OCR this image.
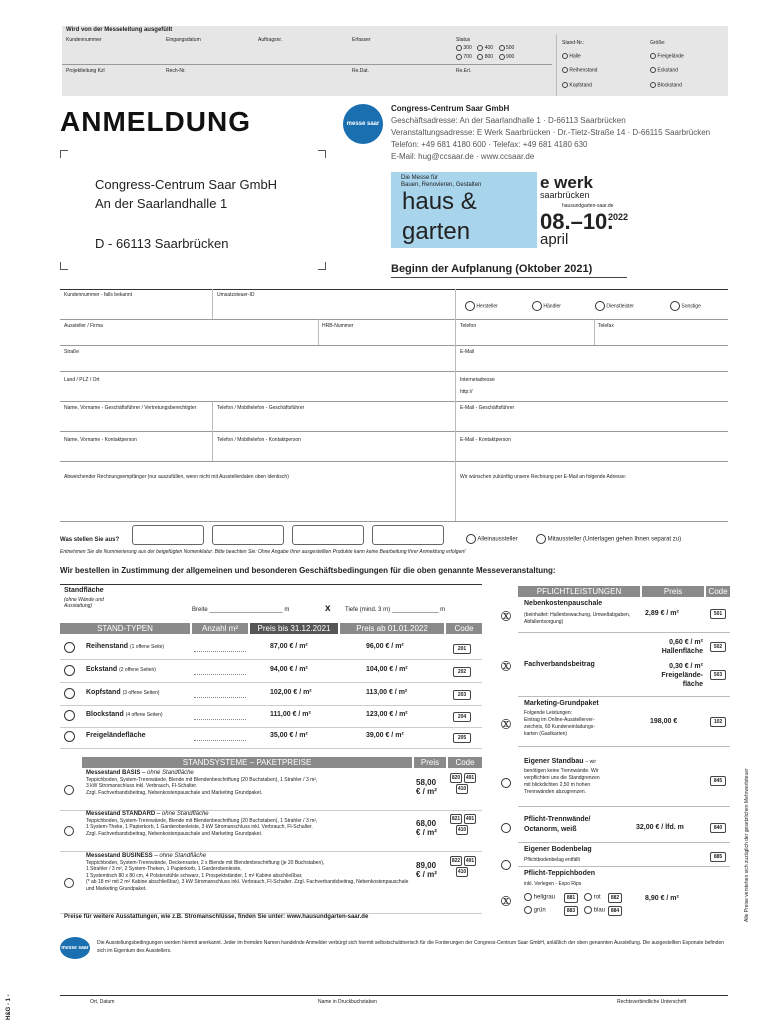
Wird von der Messeleitung ausgefüllt
Kundennummer	Eingangsdatum	Auftragsnr.	Erfasser	Status
300	400	500
700	800	900
Projektleitung Kzl	Rech-Nr.	Re.Dat.	Re.Erl.
Stand-Nr.:	Größe:
Halle	Freigelände
Reihenstand	Eckstand
Kopfstand	Blockstand
ANMELDUNG	messe saar
Congress-Centrum Saar GmbH
Geschäftsadresse: An der Saarlandhalle 1 · D-66113 Saarbrücken
Veranstaltungsadresse: E Werk Saarbrücken · Dr.-Tietz-Straße 14 · D-66115 Saarbrücken
Telefon: +49 681 4180 600 · Telefax: +49 681 4180 630
E-Mail: hug@ccsaar.de · www.ccsaar.de
Congress-Centrum Saar GmbH
An der Saarlandhalle 1
D - 66113 Saarbrücken
Die Messe für
Bauen, Renovieren, Gestalten
haus &
garten
e werk
saarbrücken
hausundgarten-saar.de
08.–10.
2022
april
Beginn der Aufplanung (Oktober 2021)
Kundennummer - falls bekannt	Umsatzsteuer-ID
Hersteller	Händler	Dienstleister	Sonstige
Aussteller / Firma	HRB-Nummer	Telefon	Telefax
Straße	E-Mail
Land / PLZ / Ort	Internetadresse
http://
Name, Vorname - Geschäftsführer / Vertretungsberechtigter	Telefon / Mobiltelefon - Geschäftsführer	E-Mail - Geschäftsführer
Name, Vorname - Kontaktperson	Telefon / Mobiltelefon - Kontaktperson	E-Mail - Kontaktperson
Abweichender Rechnungsempfänger (nur auszufüllen, wenn nicht mit Ausstellerdaten oben identisch)	Wir wünschen zukünftig unsere Rechnung per E-Mail an folgende Adresse:
Was stellen Sie aus?	Alleinaussteller	Mitaussteller (Unterlagen gehen Ihnen separat zu)
Entnehmen Sie die Nummerierung aus der beigefügten Nomenklatur. Bitte beachten Sie: Ohne Angabe Ihrer ausgestellten Produkte kann keine Bearbeitung Ihrer Anmeldung erfolgen!
Wir bestellen in Zustimmung der allgemeinen und besonderen Geschäftsbedingungen für die oben genannte Messeveranstaltung:
Standfläche
(ohne Wände und Ausstattung)
Breite ______________________ m	x Tiefe (mind. 3 m) ______________ m
STAND-TYPEN	Anzahl m²	Preis bis 31.12.2021	Preis ab 01.01.2022	Code
Reihenstand (1 offene Seite)	87,00 € / m²	96,00 € / m²	201
Eckstand (2 offene Seiten)	94,00 € / m²	104,00 € / m²	202
Kopfstand (3 offene Seiten)	102,00 € / m²	113,00 € / m²	203
Blockstand (4 offene Seiten)	111,00 € / m²	123,00 € / m²	204
Freigeländefläche	35,00 € / m²	39,00 € / m²	205
STANDSYSTEME – PAKETPREISE	Preis	Code
Messestand BASIS – ohne Standfläche
Teppichboden, System-Trennwände, Blende mit Blendenbeschriftung (20 Buchstaben), 1 Strahler / 3 m²,
3 kW Stromanschluss inkl. Verbrauch, FI-Schalter.
Zzgl. Fachverbandsbeitrag, Nebenkostenpauschale und Marketing Grundpaket.
58,00
€ / m²
820	491
410
Messestand STANDARD – ohne Standfläche
Teppichboden, System-Trennwände, Blende mit Blendenbeschriftung (20 Buchstaben), 1 Strahler / 3 m²,
1 System-Theke, 1 Papierkorb, 1 Garderobenleiste, 3 kW Stromanschluss inkl. Verbrauch, FI-Schalter.
Zzgl. Fachverbandsbeitrag, Nebenkostenpauschale und Marketing Grundpaket.
68,00
€ / m²
821	491
410
Messestand BUSINESS – ohne Standfläche
Teppichboden, System-Trennwände, Deckenraster, 2 x Blende mit Blendenbeschriftung (je 20 Buchstaben),
1 Strahler / 3 m², 2 System-Theken, 1 Papierkorb, 1 Garderobenleiste,
1 Systemtisch 80 x 80 cm, 4 Polsterstühle schwarz, 1 Prospektständer, 1 m² Kabine abschließbar,
(* ab 18 m² mit 2 m² Kabine abschließbar), 3 kW Stromanschluss inkl. Verbrauch, FI-Schalter. Zzgl. Fachverbandsbeitrag, Nebenkostenpauschale und Marketing Grundpaket.
89,00
€ / m²
822	491
410
Preise für weitere Ausstattungen, wie z.B. Stromanschlüsse, finden Sie unter: www.hausundgarten-saar.de
PFLICHTLEISTUNGEN	Preis	Code
Ⓧ
Nebenkostenpauschale
(beinhaltet: Hallenbewachung, Umweltabgaben, Abfallentsorgung)
2,89 € / m²	501
Ⓧ Fachverbandsbeitrag
0,60 € / m²
Hallenfläche
502
0,30 € / m²
Freigelände-
fläche
503
Ⓧ
Marketing-Grundpaket
Folgende Leistungen:
Eintrag im Online-Ausstellerver-
zeichnis, 60 Kundeneinladungs-
karten (Gastkarten)
198,00 €	102
Eigener Standbau – wir
benötigen keine Trennwände. Wir
verpflichten uns die Standgrenzen
mit blickdichten 2,50 m hohen
Trennwänden abzugrenzen.
845
Pflicht-Trennwände/
Octanorm, weiß	32,00 € / lfd. m	840
Eigener Bodenbelag
Pflichtbodenbelag entfällt	885
Ⓧ
Pflicht-Teppichboden
inkl. Verlegen - Expo Rips
hellgrau	881	rot	882
grün	883	blau	884
8,90 € / m²	Alle Preise verstehen sich zuzüglich der gesetzlichen Mehrwertsteuer
messe saar
Die Ausstellungsbedingungen werden hiermit anerkannt. Jeder im fremden Namen handelnde Anmelder verbürgt sich hiermit selbstschuldnerisch für die Forderungen der Congress-Centrum Saar GmbH, anläßlich der oben genannten Ausstellung. Die ausgestellten Exponate befinden sich im Eigentum des Ausstellers.
Ort, Datum	Name in Druckbuchstaben	Rechtsverbindliche Unterschrift
H&G - 1 -
